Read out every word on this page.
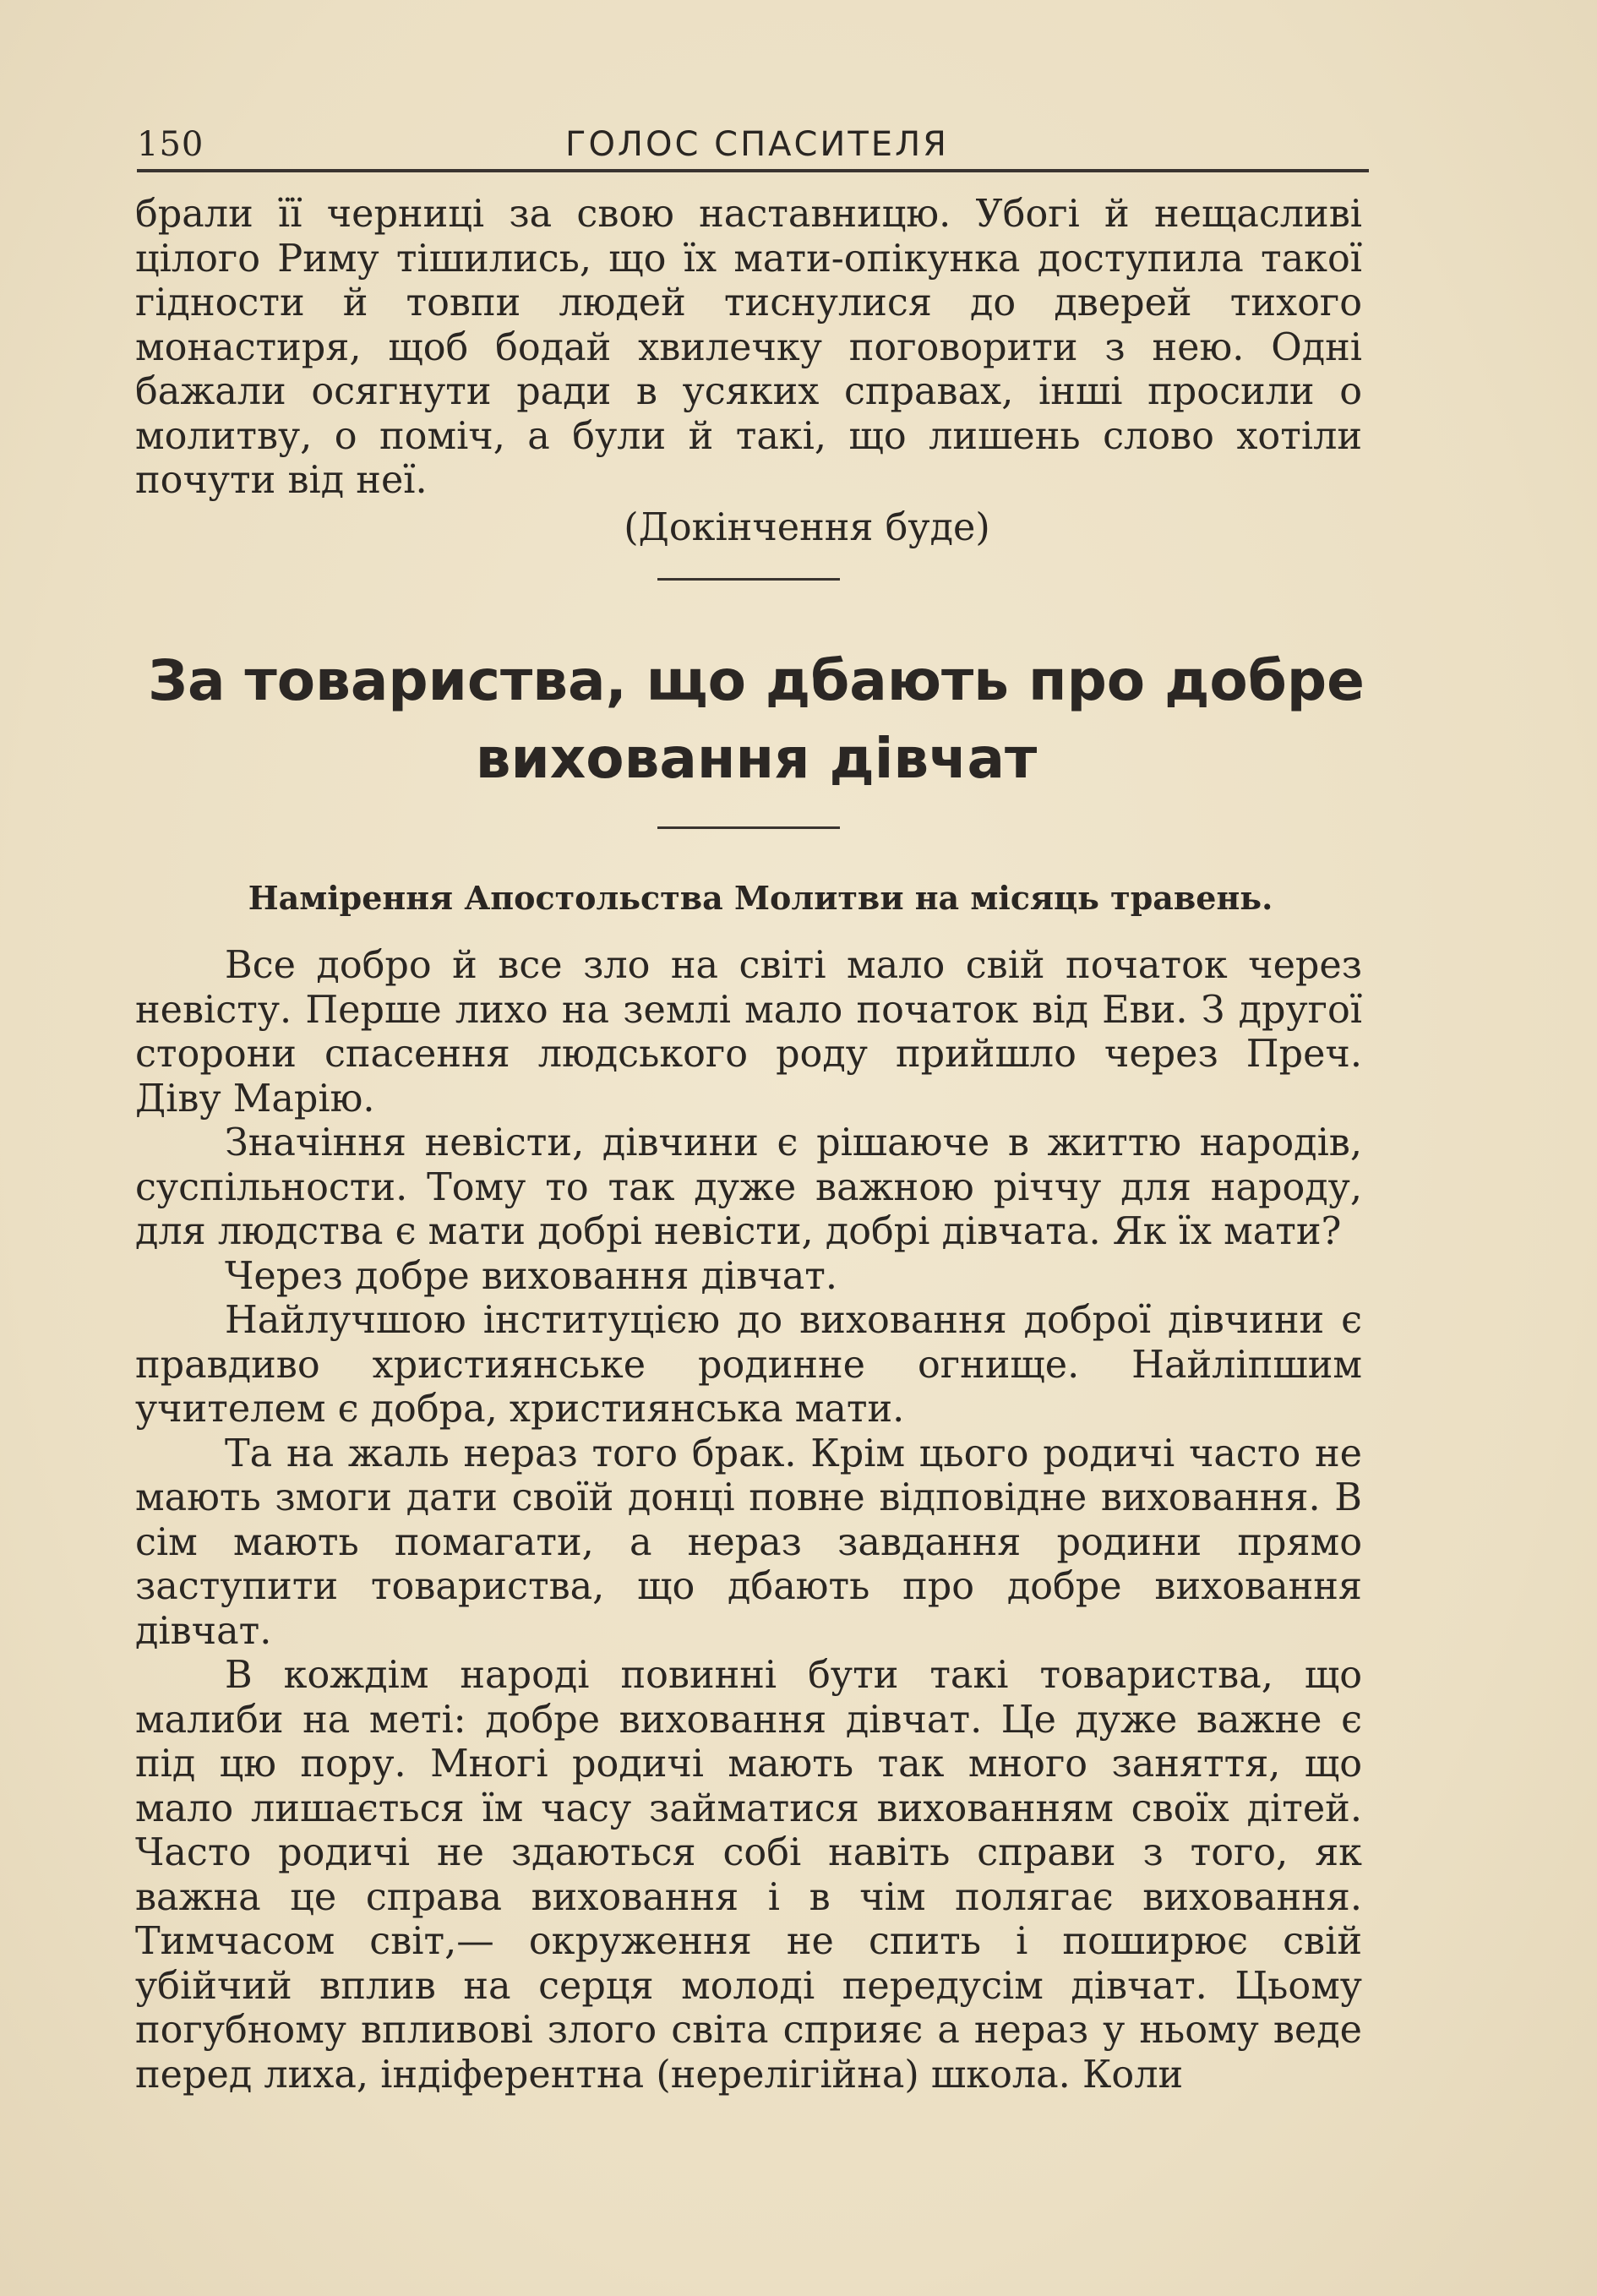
150	ГОЛОС СПАСИТЕЛЯ

брали її черниці за свою наставницю. Убогі й нещасливі цілого Риму тішились, що їх мати-опікунка доступила такої гідности й товпи людей тиснулися до дверей тихого монастиря, щоб бодай хвилечку поговорити з нею. Одні бажали осягнути ради в усяких справах, інші просили о молитву, о поміч, а були й такі, що лишень слово хотіли почути від неї.

(Докінчення буде)
За товариства, що дбають про добре виховання дівчат
Намірення Апостольства Молитви на місяць травень.

Все добро й все зло на світі мало свій початок через невісту. Перше лихо на землі мало початок від Еви. З другої сторони спасення людського роду прийшло через Преч. Діву Марію.

Значіння невісти, дівчини є рішаюче в життю народів, суспільности. Тому то так дуже важною річчу для народу, для людства є мати добрі невісти, добрі дівчата. Як їх мати?

Через добре виховання дівчат.

Найлучшою інституцією до виховання доброї дівчини є правдиво християнське родинне огнище. Найліпшим учителем є добра, християнська мати.

Та на жаль нераз того брак. Крім цього родичі часто не мають змоги дати своїй донці повне відповідне виховання. В сім мають помагати, а нераз завдання родини прямо заступити товариства, що дбають про добре виховання дівчат.

В кождім народі повинні бути такі товариства, що малиби на меті: добре виховання дівчат. Це дуже важне є під цю пору. Многі родичі мають так много заняття, що мало лишається їм часу займатися вихованням своїх дітей. Часто родичі не здаються собі навіть справи з того, як важна це справа виховання і в чім полягає виховання. Тимчасом світ,— окруження не спить і поширює свій убійчий вплив на серця молоді передусім дівчат. Цьому погубному впливові злого світа сприяє а нераз у ньому веде перед лиха, індіферентна (нерелігійна) школа. Коли
